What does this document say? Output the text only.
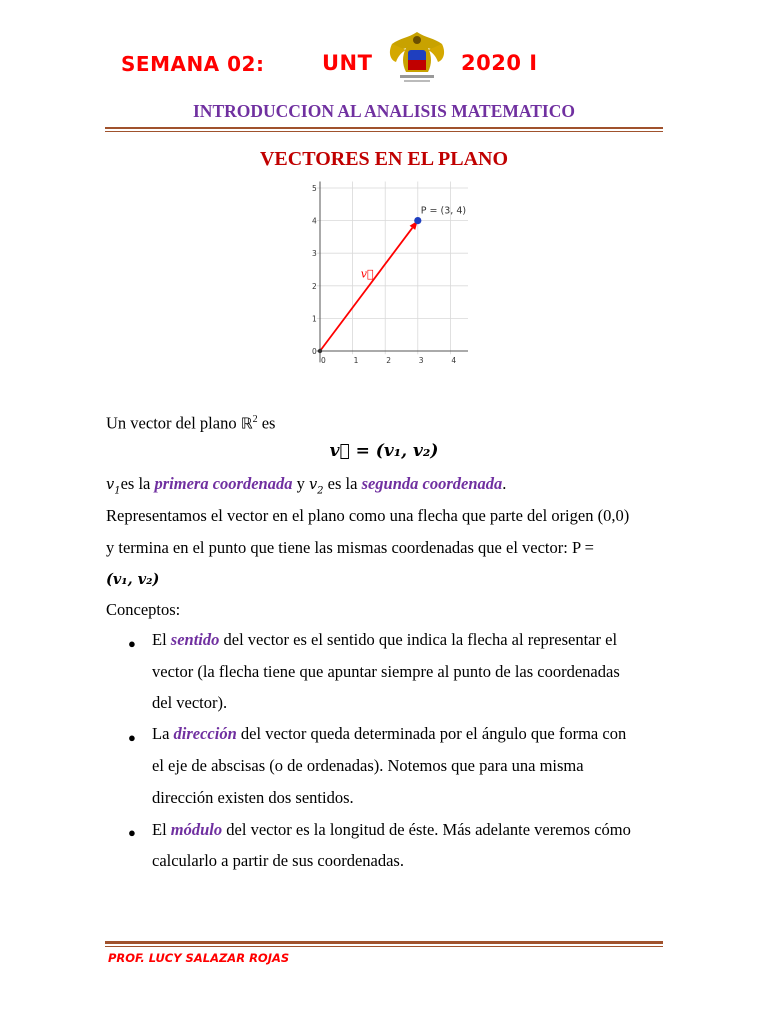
SEMANA 02:	UNT	2020 I
INTRODUCCION AL ANALISIS MATEMATICO
VECTORES EN EL PLANO
0	1	2	3	4
0
1
2
3
4
5
P = (3, 4)
v⃗
Un vector del plano ℝ$^2$ es
v⃗ = (v₁, v₂)
$v_1es$ la primera coordenada y $v_2$ es la segunda coordenada.
Representamos el vector en el plano como una flecha que parte del origen (0,0)
y termina en el punto que tiene las mismas coordenadas que el vector: P =
(v₁, v₂)
Conceptos:
● El sentido del vector es el sentido que indica la flecha al representar el
vector (la flecha tiene que apuntar siempre al punto de las coordenadas
del vector).
● La dirección del vector queda determinada por el ángulo que forma con
el eje de abscisas (o de ordenadas). Notemos que para una misma
dirección existen dos sentidos.
● El módulo del vector es la longitud de éste. Más adelante veremos cómo
calcularlo a partir de sus coordenadas.
PROF. LUCY SALAZAR ROJAS
